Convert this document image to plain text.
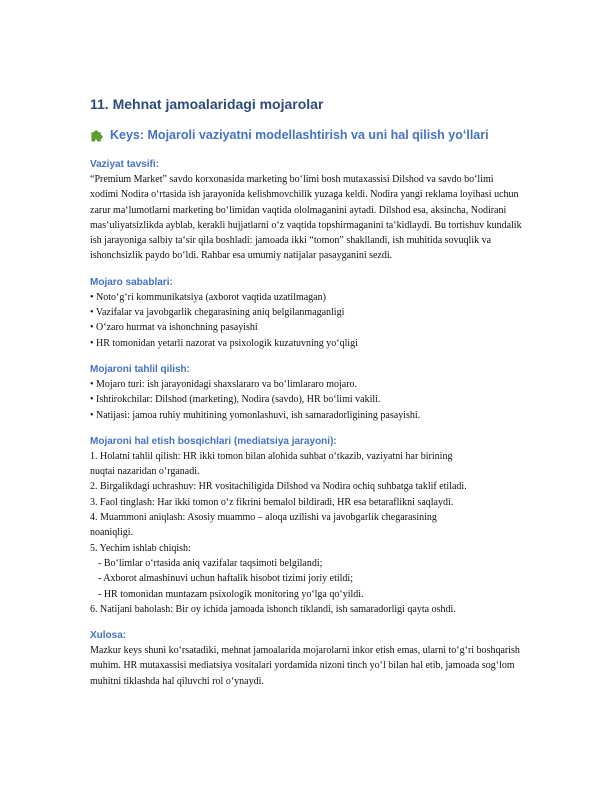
11. Mehnat jamoalaridagi mojarolar
Keys: Mojaroli vaziyatni modellashtirish va uni hal qilish yoʻllari
Vaziyat tavsifi:

“Premium Market” savdo korxonasida marketing boʻlimi bosh mutaxassisi Dilshod va savdo boʻlimi xodimi Nodira oʻrtasida ish jarayonida kelishmovchilik yuzaga keldi. Nodira yangi reklama loyihasi uchun zarur maʻlumotlarni marketing boʻlimidan vaqtida ololmaganini aytadi. Dilshod esa, aksincha, Nodirani masʻuliyatsizlikda ayblab, kerakli hujjatlarni oʻz vaqtida topshirmaganini taʻkidlaydi. Bu tortishuv kundalik ish jarayoniga salbiy taʻsir qila boshladi: jamoada ikki “tomon” shakllandi, ish muhitida sovuqlik va ishonchsizlik paydo boʻldi. Rahbar esa umumiy natijalar pasayganini sezdi.

Mojaro sabablari:
• Notoʻgʻri kommunikatsiya (axborot vaqtida uzatilmagan)
• Vazifalar va javobgarlik chegarasining aniq belgilanmaganligi
• Oʻzaro hurmat va ishonchning pasayishi
• HR tomonidan yetarli nazorat va psixologik kuzatuvning yoʻqligi
Mojaroni tahlil qilish:
• Mojaro turi: ish jarayonidagi shaxslararo va boʻlimlararo mojaro.
• Ishtirokchilar: Dilshod (marketing), Nodira (savdo), HR boʻlimi vakili.
• Natijasi: jamoa ruhiy muhitining yomonlashuvi, ish samaradorligining pasayishi.
Mojaroni hal etish bosqichlari (mediatsiya jarayoni):
1. Holatni tahlil qilish: HR ikki tomon bilan alohida suhbat oʻtkazib, vaziyatni har birining
nuqtai nazaridan oʻrganadi.
2. Birgalikdagi uchrashuv: HR vositachiligida Dilshod va Nodira ochiq suhbatga taklif etiladi.
3. Faol tinglash: Har ikki tomon oʻz fikrini bemalol bildiradi, HR esa betaraflikni saqlaydi.
4. Muammoni aniqlash: Asosiy muammo – aloqa uzilishi va javobgarlik chegarasining
noaniqligi.
5. Yechim ishlab chiqish:
- Boʻlimlar oʻrtasida aniq vazifalar taqsimoti belgilandi;
- Axborot almashinuvi uchun haftalik hisobot tizimi joriy etildi;
- HR tomonidan muntazam psixologik monitoring yoʻlga qoʻyildi.
6. Natijani baholash: Bir oy ichida jamoada ishonch tiklandi, ish samaradorligi qayta oshdi.
Xulosa:

Mazkur keys shuni koʻrsatadiki, mehnat jamoalarida mojarolarni inkor etish emas, ularni toʻgʻri boshqarish muhim. HR mutaxassisi mediatsiya vositalari yordamida nizoni tinch yoʻl bilan hal etib, jamoada sogʻlom muhitni tiklashda hal qiluvchi rol oʻynaydi.
